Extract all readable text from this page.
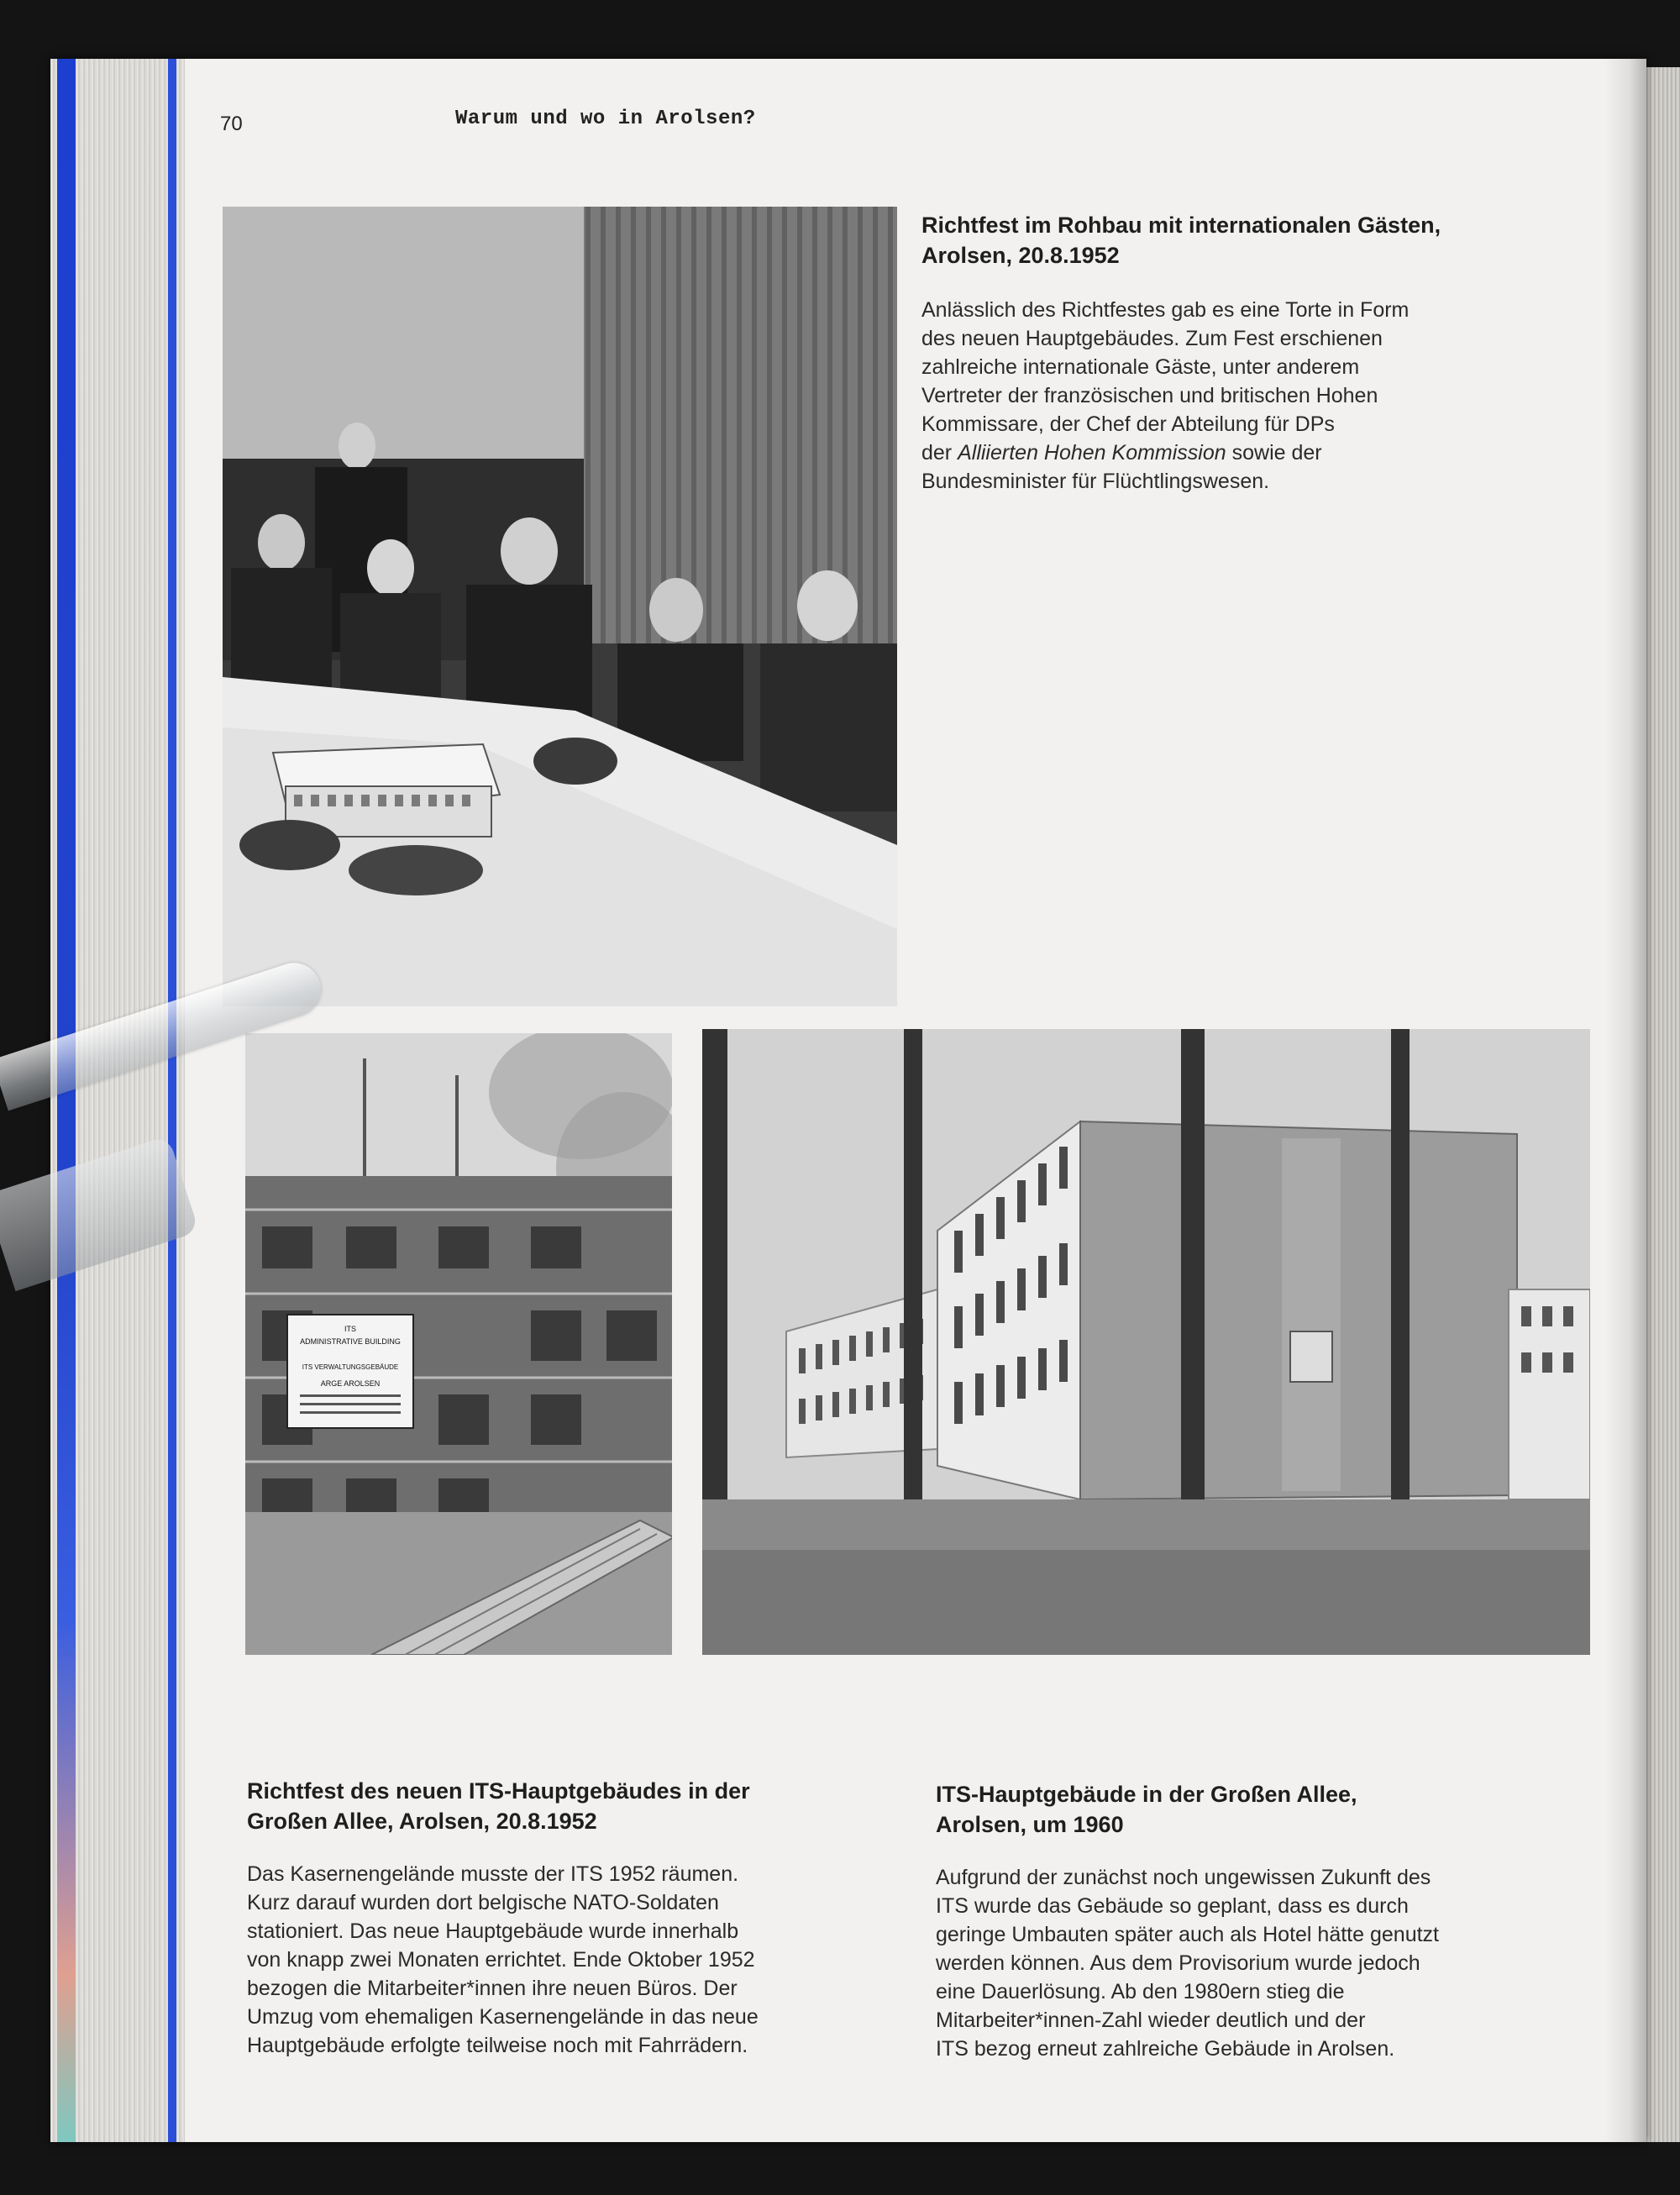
70	Warum und wo in Arolsen?

Richtfest im Rohbau mit internationalen Gästen,
Arolsen, 20.8.1952

Anlässlich des Richtfestes gab es eine Torte in Form
des neuen Hauptgebäudes. Zum Fest erschienen
zahlreiche internationale Gäste, unter anderem
Vertreter der französischen und britischen Hohen
Kommissare, der Chef der Abteilung für DPs
der Alliierten Hohen Kommission sowie der
Bundesminister für Flüchtlingswesen.

ITS
ADMINISTRATIVE BUILDING
ITS VERWALTUNGSGEBÄUDE
ARGE AROLSEN

Richtfest des neuen ITS-Hauptgebäudes in der
Großen Allee, Arolsen, 20.8.1952

Das Kasernengelände musste der ITS 1952 räumen.
Kurz darauf wurden dort belgische NATO-Soldaten
stationiert. Das neue Hauptgebäude wurde innerhalb
von knapp zwei Monaten errichtet. Ende Oktober 1952
bezogen die Mitarbeiter*innen ihre neuen Büros. Der
Umzug vom ehemaligen Kasernengelände in das neue
Hauptgebäude erfolgte teilweise noch mit Fahrrädern.

ITS-Hauptgebäude in der Großen Allee,
Arolsen, um 1960

Aufgrund der zunächst noch ungewissen Zukunft des
ITS wurde das Gebäude so geplant, dass es durch
geringe Umbauten später auch als Hotel hätte genutzt
werden können. Aus dem Provisorium wurde jedoch
eine Dauerlösung. Ab den 1980ern stieg die
Mitarbeiter*innen-Zahl wieder deutlich und der
ITS bezog erneut zahlreiche Gebäude in Arolsen.
